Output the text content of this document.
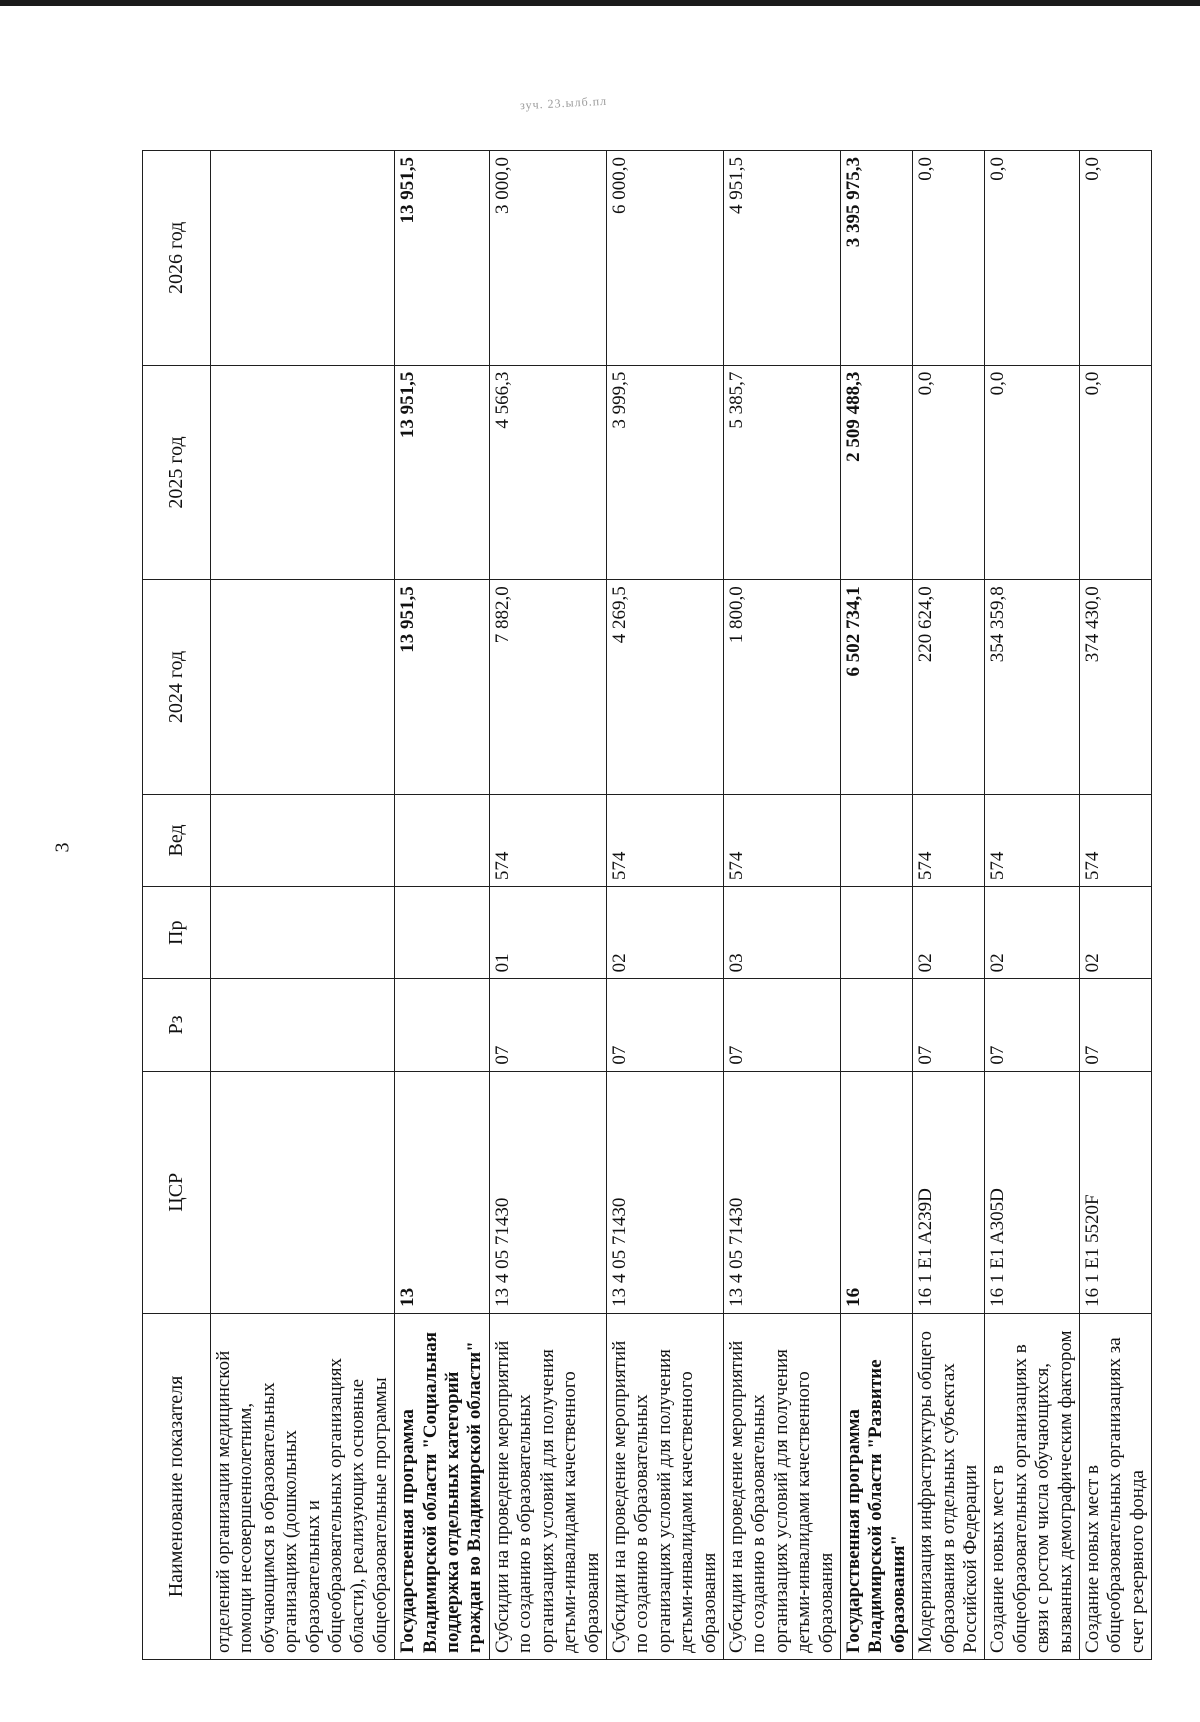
зуч. 23.ылб.пл
3
Наименование показателя	ЦСР	Рз	Пр	Вед	2024 год	2025 год	2026 год
отделений организации медицинской помощи несовершеннолетним, обучающимся в образовательных организациях (дошкольных образовательных и общеобразовательных организациях области), реализующих основные общеобразовательные программы							
Государственная программа Владимирской области "Социальная поддержка отдельных категорий граждан во Владимирской области"	13				13 951,5	13 951,5	13 951,5
Субсидии на проведение мероприятий по созданию в образовательных организациях условий для получения детьми-инвалидами качественного образования	13 4 05 71430	07	01	574	7 882,0	4 566,3	3 000,0
Субсидии на проведение мероприятий по созданию в образовательных организациях условий для получения детьми-инвалидами качественного образования	13 4 05 71430	07	02	574	4 269,5	3 999,5	6 000,0
Субсидии на проведение мероприятий по созданию в образовательных организациях условий для получения детьми-инвалидами качественного образования	13 4 05 71430	07	03	574	1 800,0	5 385,7	4 951,5
Государственная программа Владимирской области "Развитие образования"	16				6 502 734,1	2 509 488,3	3 395 975,3
Модернизация инфраструктуры общего образования в отдельных субъектах Российской Федерации	16 1 E1 A239D	07	02	574	220 624,0	0,0	0,0
Создание новых мест в общеобразовательных организациях в связи с ростом числа обучающихся, вызванных демографическим фактором	16 1 E1 A305D	07	02	574	354 359,8	0,0	0,0
Создание новых мест в общеобразовательных организациях за счет резервного фонда	16 1 E1 5520F	07	02	574	374 430,0	0,0	0,0
